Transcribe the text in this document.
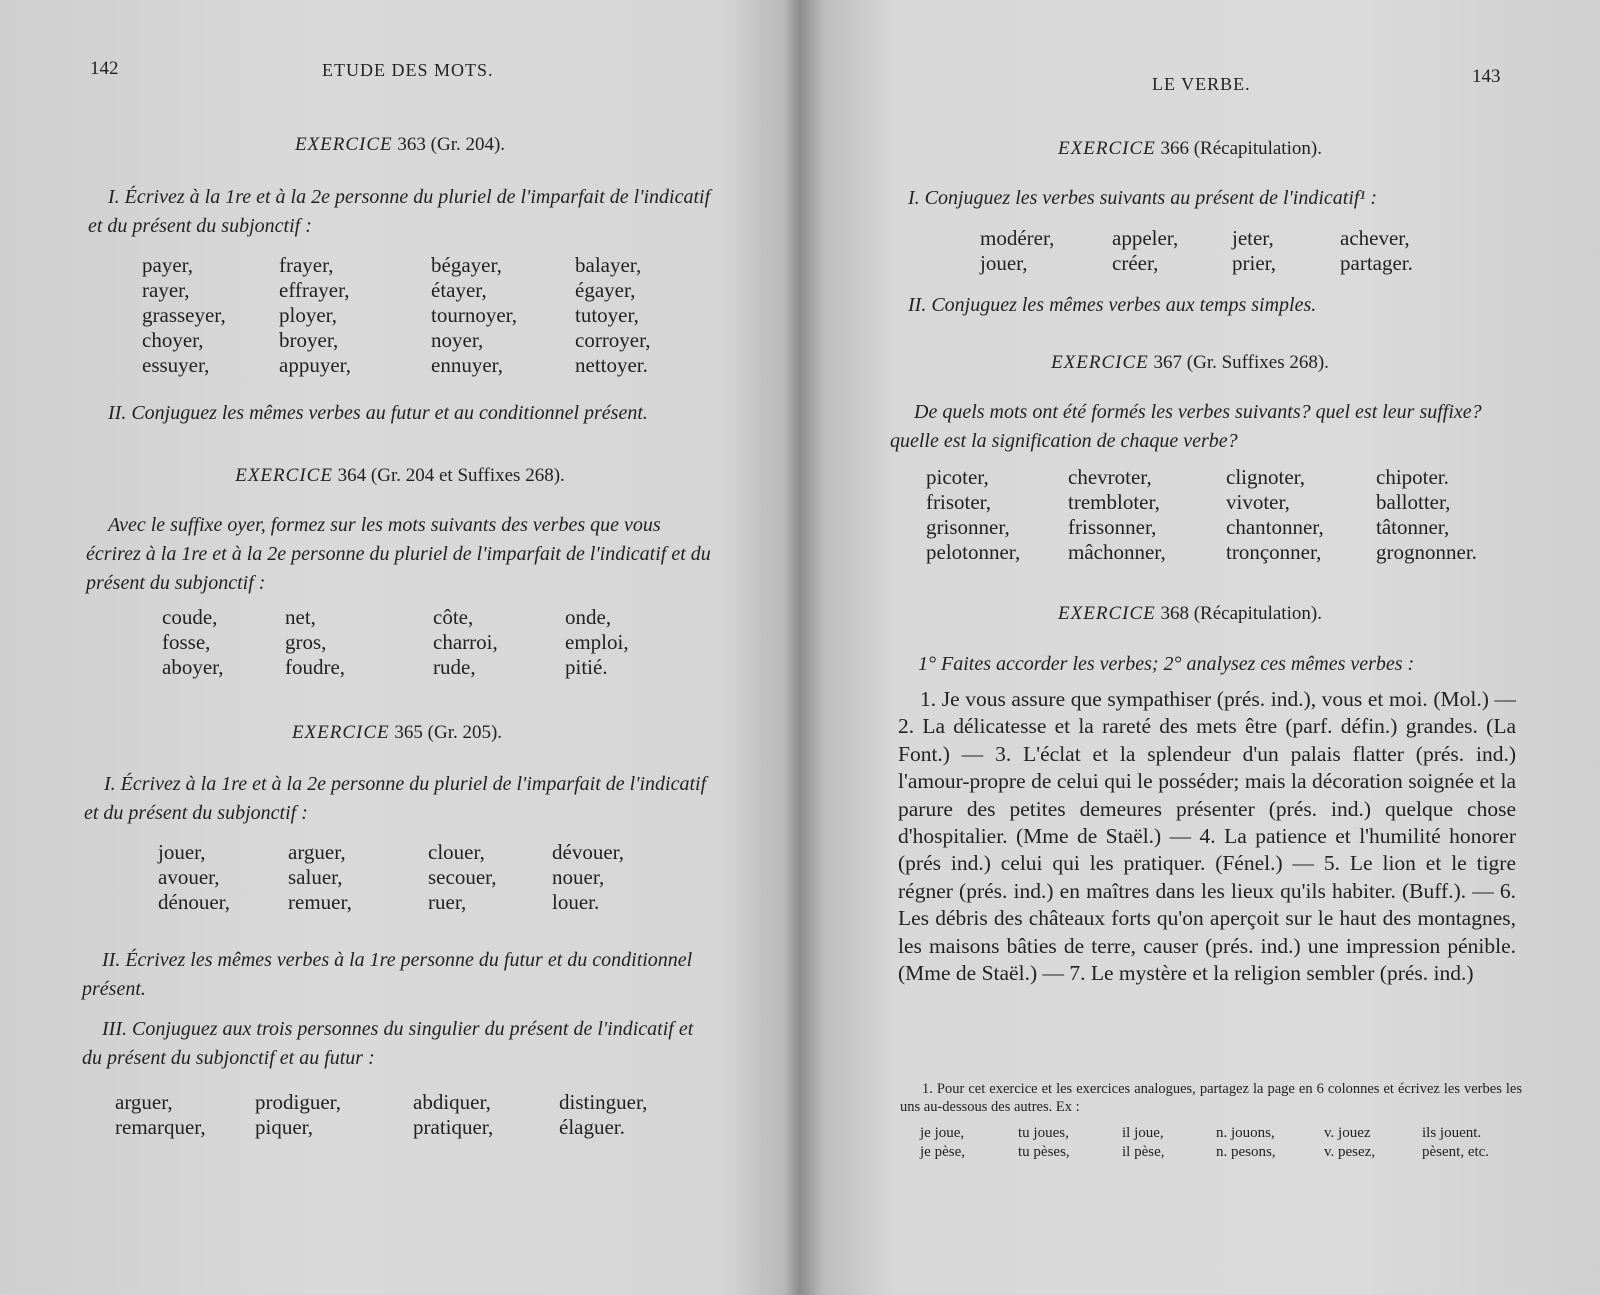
142	ETUDE DES MOTS.
EXERCICE 363 (Gr. 204).
I. Écrivez à la 1re et à la 2e personne du pluriel de l'imparfait de l'indicatif et du présent du subjonctif :
payer,	frayer,	bégayer,	balayer,
rayer,	effrayer,	étayer,	égayer,
grasseyer,	ployer,	tournoyer,	tutoyer,
choyer,	broyer,	noyer,	corroyer,
essuyer,	appuyer,	ennuyer,	nettoyer.
II. Conjuguez les mêmes verbes au futur et au conditionnel présent.
EXERCICE 364 (Gr. 204 et Suffixes 268).
Avec le suffixe oyer, formez sur les mots suivants des verbes que vous écrirez à la 1re et à la 2e personne du pluriel de l'imparfait de l'indicatif et du présent du subjonctif :
coude,	net,	côte,	onde,
fosse,	gros,	charroi,	emploi,
aboyer,	foudre,	rude,	pitié.
EXERCICE 365 (Gr. 205).
I. Écrivez à la 1re et à la 2e personne du pluriel de l'imparfait de l'indicatif et du présent du subjonctif :
jouer,	arguer,	clouer,	dévouer,
avouer,	saluer,	secouer,	nouer,
dénouer,	remuer,	ruer,	louer.
II. Écrivez les mêmes verbes à la 1re personne du futur et du conditionnel présent.
III. Conjuguez aux trois personnes du singulier du présent de l'indicatif et du présent du subjonctif et au futur :
arguer,	prodiguer,	abdiquer,	distinguer,
remarquer,	piquer,	pratiquer,	élaguer.
LE VERBE.	143
EXERCICE 366 (Récapitulation).
I. Conjuguez les verbes suivants au présent de l'indicatif¹ :
modérer,	appeler,	jeter,	achever,
jouer,	créer,	prier,	partager.
II. Conjuguez les mêmes verbes aux temps simples.
EXERCICE 367 (Gr. Suffixes 268).
De quels mots ont été formés les verbes suivants? quel est leur suffixe? quelle est la signification de chaque verbe?
picoter,	chevroter,	clignoter,	chipoter.
frisoter,	trembloter,	vivoter,	ballotter,
grisonner,	frissonner,	chantonner,	tâtonner,
pelotonner,	mâchonner,	tronçonner,	grognonner.
EXERCICE 368 (Récapitulation).
1° Faites accorder les verbes; 2° analysez ces mêmes verbes :
1. Je vous assure que sympathiser (prés. ind.), vous et moi. (Mol.) — 2. La délicatesse et la rareté des mets être (parf. défin.) grandes. (La Font.) — 3. L'éclat et la splendeur d'un palais flatter (prés. ind.) l'amour-propre de celui qui le posséder; mais la décoration soignée et la parure des petites demeures présenter (prés. ind.) quelque chose d'hospitalier. (Mme de Staël.) — 4. La patience et l'humilité honorer (prés ind.) celui qui les pratiquer. (Fénel.) — 5. Le lion et le tigre régner (prés. ind.) en maîtres dans les lieux qu'ils habiter. (Buff.). — 6. Les débris des châteaux forts qu'on aperçoit sur le haut des montagnes, les maisons bâties de terre, causer (prés. ind.) une impression pénible. (Mme de Staël.) — 7. Le mystère et la religion sembler (prés. ind.)
1. Pour cet exercice et les exercices analogues, partagez la page en 6 colonnes et écrivez les verbes les uns au-dessous des autres. Ex :
je joue,	tu joues,	il joue,	n. jouons,	v. jouez	ils jouent.
je pèse,	tu pèses,	il pèse,	n. pesons,	v. pesez,	pèsent, etc.
